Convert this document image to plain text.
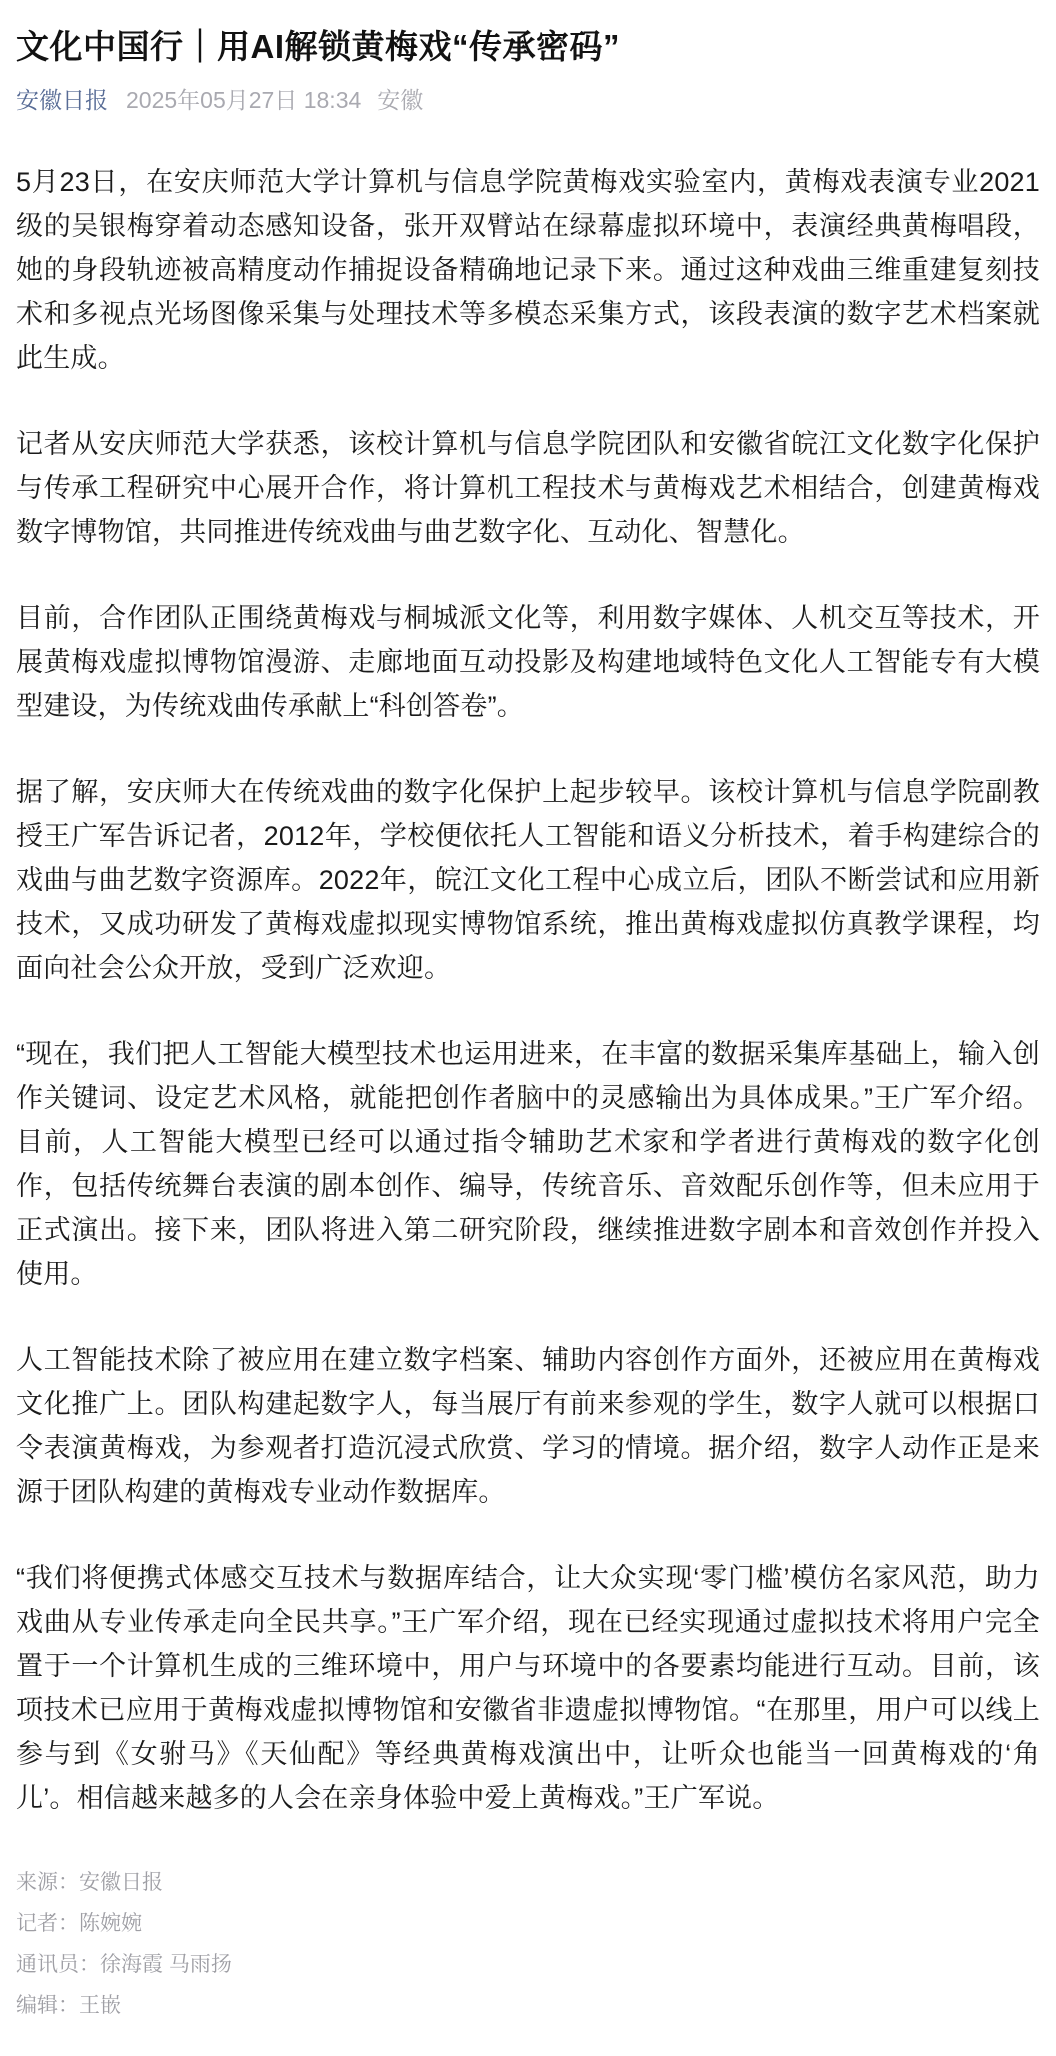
文化中国行｜用AI解锁黄梅戏“传承密码”
安徽日报 2025年05月27日 18:34 安徽

5月23日，在安庆师范大学计算机与信息学院黄梅戏实验室内，黄梅戏表演专业2021级的吴银梅穿着动态感知设备，张开双臂站在绿幕虚拟环境中，表演经典黄梅唱段，她的身段轨迹被高精度动作捕捉设备精确地记录下来。通过这种戏曲三维重建复刻技术和多视点光场图像采集与处理技术等多模态采集方式，该段表演的数字艺术档案就此生成。

记者从安庆师范大学获悉，该校计算机与信息学院团队和安徽省皖江文化数字化保护与传承工程研究中心展开合作，将计算机工程技术与黄梅戏艺术相结合，创建黄梅戏数字博物馆，共同推进传统戏曲与曲艺数字化、互动化、智慧化。

目前，合作团队正围绕黄梅戏与桐城派文化等，利用数字媒体、人机交互等技术，开展黄梅戏虚拟博物馆漫游、走廊地面互动投影及构建地域特色文化人工智能专有大模型建设，为传统戏曲传承献上“科创答卷”。

据了解，安庆师大在传统戏曲的数字化保护上起步较早。该校计算机与信息学院副教授王广军告诉记者，2012年，学校便依托人工智能和语义分析技术，着手构建综合的戏曲与曲艺数字资源库。2022年，皖江文化工程中心成立后，团队不断尝试和应用新技术，又成功研发了黄梅戏虚拟现实博物馆系统，推出黄梅戏虚拟仿真教学课程，均面向社会公众开放，受到广泛欢迎。

“现在，我们把人工智能大模型技术也运用进来，在丰富的数据采集库基础上，输入创作关键词、设定艺术风格，就能把创作者脑中的灵感输出为具体成果。”王广军介绍。目前，人工智能大模型已经可以通过指令辅助艺术家和学者进行黄梅戏的数字化创作，包括传统舞台表演的剧本创作、编导，传统音乐、音效配乐创作等，但未应用于正式演出。接下来，团队将进入第二研究阶段，继续推进数字剧本和音效创作并投入使用。

人工智能技术除了被应用在建立数字档案、辅助内容创作方面外，还被应用在黄梅戏文化推广上。团队构建起数字人，每当展厅有前来参观的学生，数字人就可以根据口令表演黄梅戏，为参观者打造沉浸式欣赏、学习的情境。据介绍，数字人动作正是来源于团队构建的黄梅戏专业动作数据库。

“我们将便携式体感交互技术与数据库结合，让大众实现‘零门槛’模仿名家风范，助力戏曲从专业传承走向全民共享。”王广军介绍，现在已经实现通过虚拟技术将用户完全置于一个计算机生成的三维环境中，用户与环境中的各要素均能进行互动。目前，该项技术已应用于黄梅戏虚拟博物馆和安徽省非遗虚拟博物馆。“在那里，用户可以线上参与到《女驸马》《天仙配》等经典黄梅戏演出中，让听众也能当一回黄梅戏的‘角儿’。相信越来越多的人会在亲身体验中爱上黄梅戏。”王广军说。

来源：安徽日报
记者：陈婉婉
通讯员：徐海霞 马雨扬
编辑：王嵌
